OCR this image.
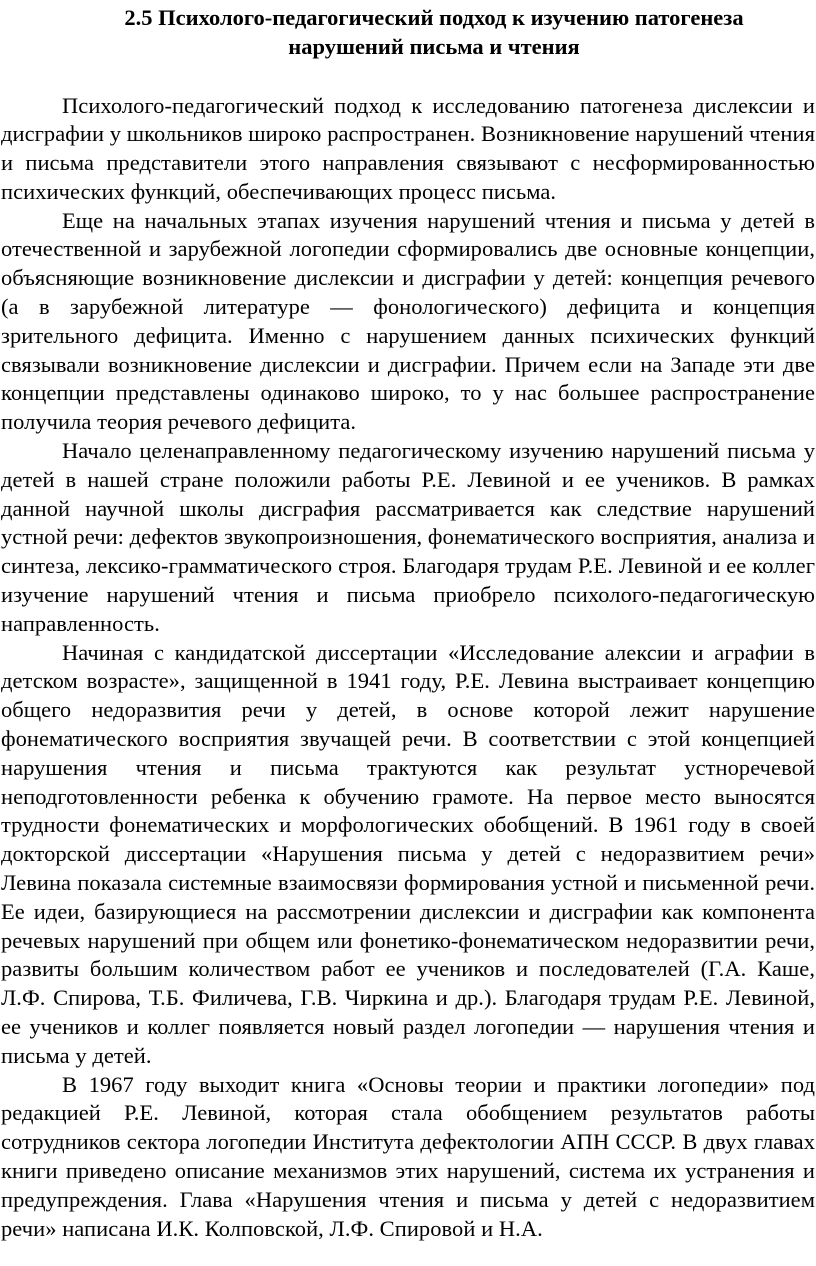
2.5 Психолого-педагогический подход к изучению патогенеза
нарушений письма и чтения

Психолого-педагогический подход к исследованию патогенеза дислексии и дисграфии у школьников широко распространен. Возникновение нарушений чтения и письма представители этого направления связывают с несформированностью психических функций, обеспечивающих процесс письма.

Еще на начальных этапах изучения нарушений чтения и письма у детей в отечественной и зарубежной логопедии сформировались две основные концепции, объясняющие возникновение дислексии и дисграфии у детей: концепция речевого (а в зарубежной литературе — фонологического) дефицита и концепция зрительного дефицита. Именно с нарушением данных психических функций связывали возникновение дислексии и дисграфии. Причем если на Западе эти две концепции представлены одинаково широко, то у нас большее распространение получила теория речевого дефицита.

Начало целенаправленному педагогическому изучению нарушений письма у детей в нашей стране положили работы Р.Е. Левиной и ее учеников. В рамках данной научной школы дисграфия рассматривается как следствие нарушений устной речи: дефектов звукопроизношения, фонематического восприятия, анализа и синтеза, лексико-грамматического строя. Благодаря трудам Р.Е. Левиной и ее коллег изучение нарушений чтения и письма приобрело психолого-педагогическую направленность.

Начиная с кандидатской диссертации «Исследование алексии и аграфии в детском возрасте», защищенной в 1941 году, Р.Е. Левина выстраивает концепцию общего недоразвития речи у детей, в основе которой лежит нарушение фонематического восприятия звучащей речи. В соответствии с этой концепцией нарушения чтения и письма трактуются как результат устноречевой неподготовленности ребенка к обучению грамоте. На первое место выносятся трудности фонематических и морфологических обобщений. В 1961 году в своей докторской диссертации «Нарушения письма у детей с недоразвитием речи» Левина показала системные взаимосвязи формирования устной и письменной речи. Ее идеи, базирующиеся на рассмотрении дислексии и дисграфии как компонента речевых нарушений при общем или фонетико-фонематическом недоразвитии речи, развиты большим количеством работ ее учеников и последователей (Г.А. Каше, Л.Ф. Спирова, Т.Б. Филичева, Г.В. Чиркина и др.). Благодаря трудам Р.Е. Левиной, ее учеников и коллег появляется новый раздел логопедии — нарушения чтения и письма у детей.

В 1967 году выходит книга «Основы теории и практики логопедии» под редакцией Р.Е. Левиной, которая стала обобщением результатов работы сотрудников сектора логопедии Института дефектологии АПН СССР. В двух главах книги приведено описание механизмов этих нарушений, система их устранения и предупреждения. Глава «Нарушения чтения и письма у детей с недоразвитием речи» написана И.К. Колповской, Л.Ф. Спировой и Н.А.
